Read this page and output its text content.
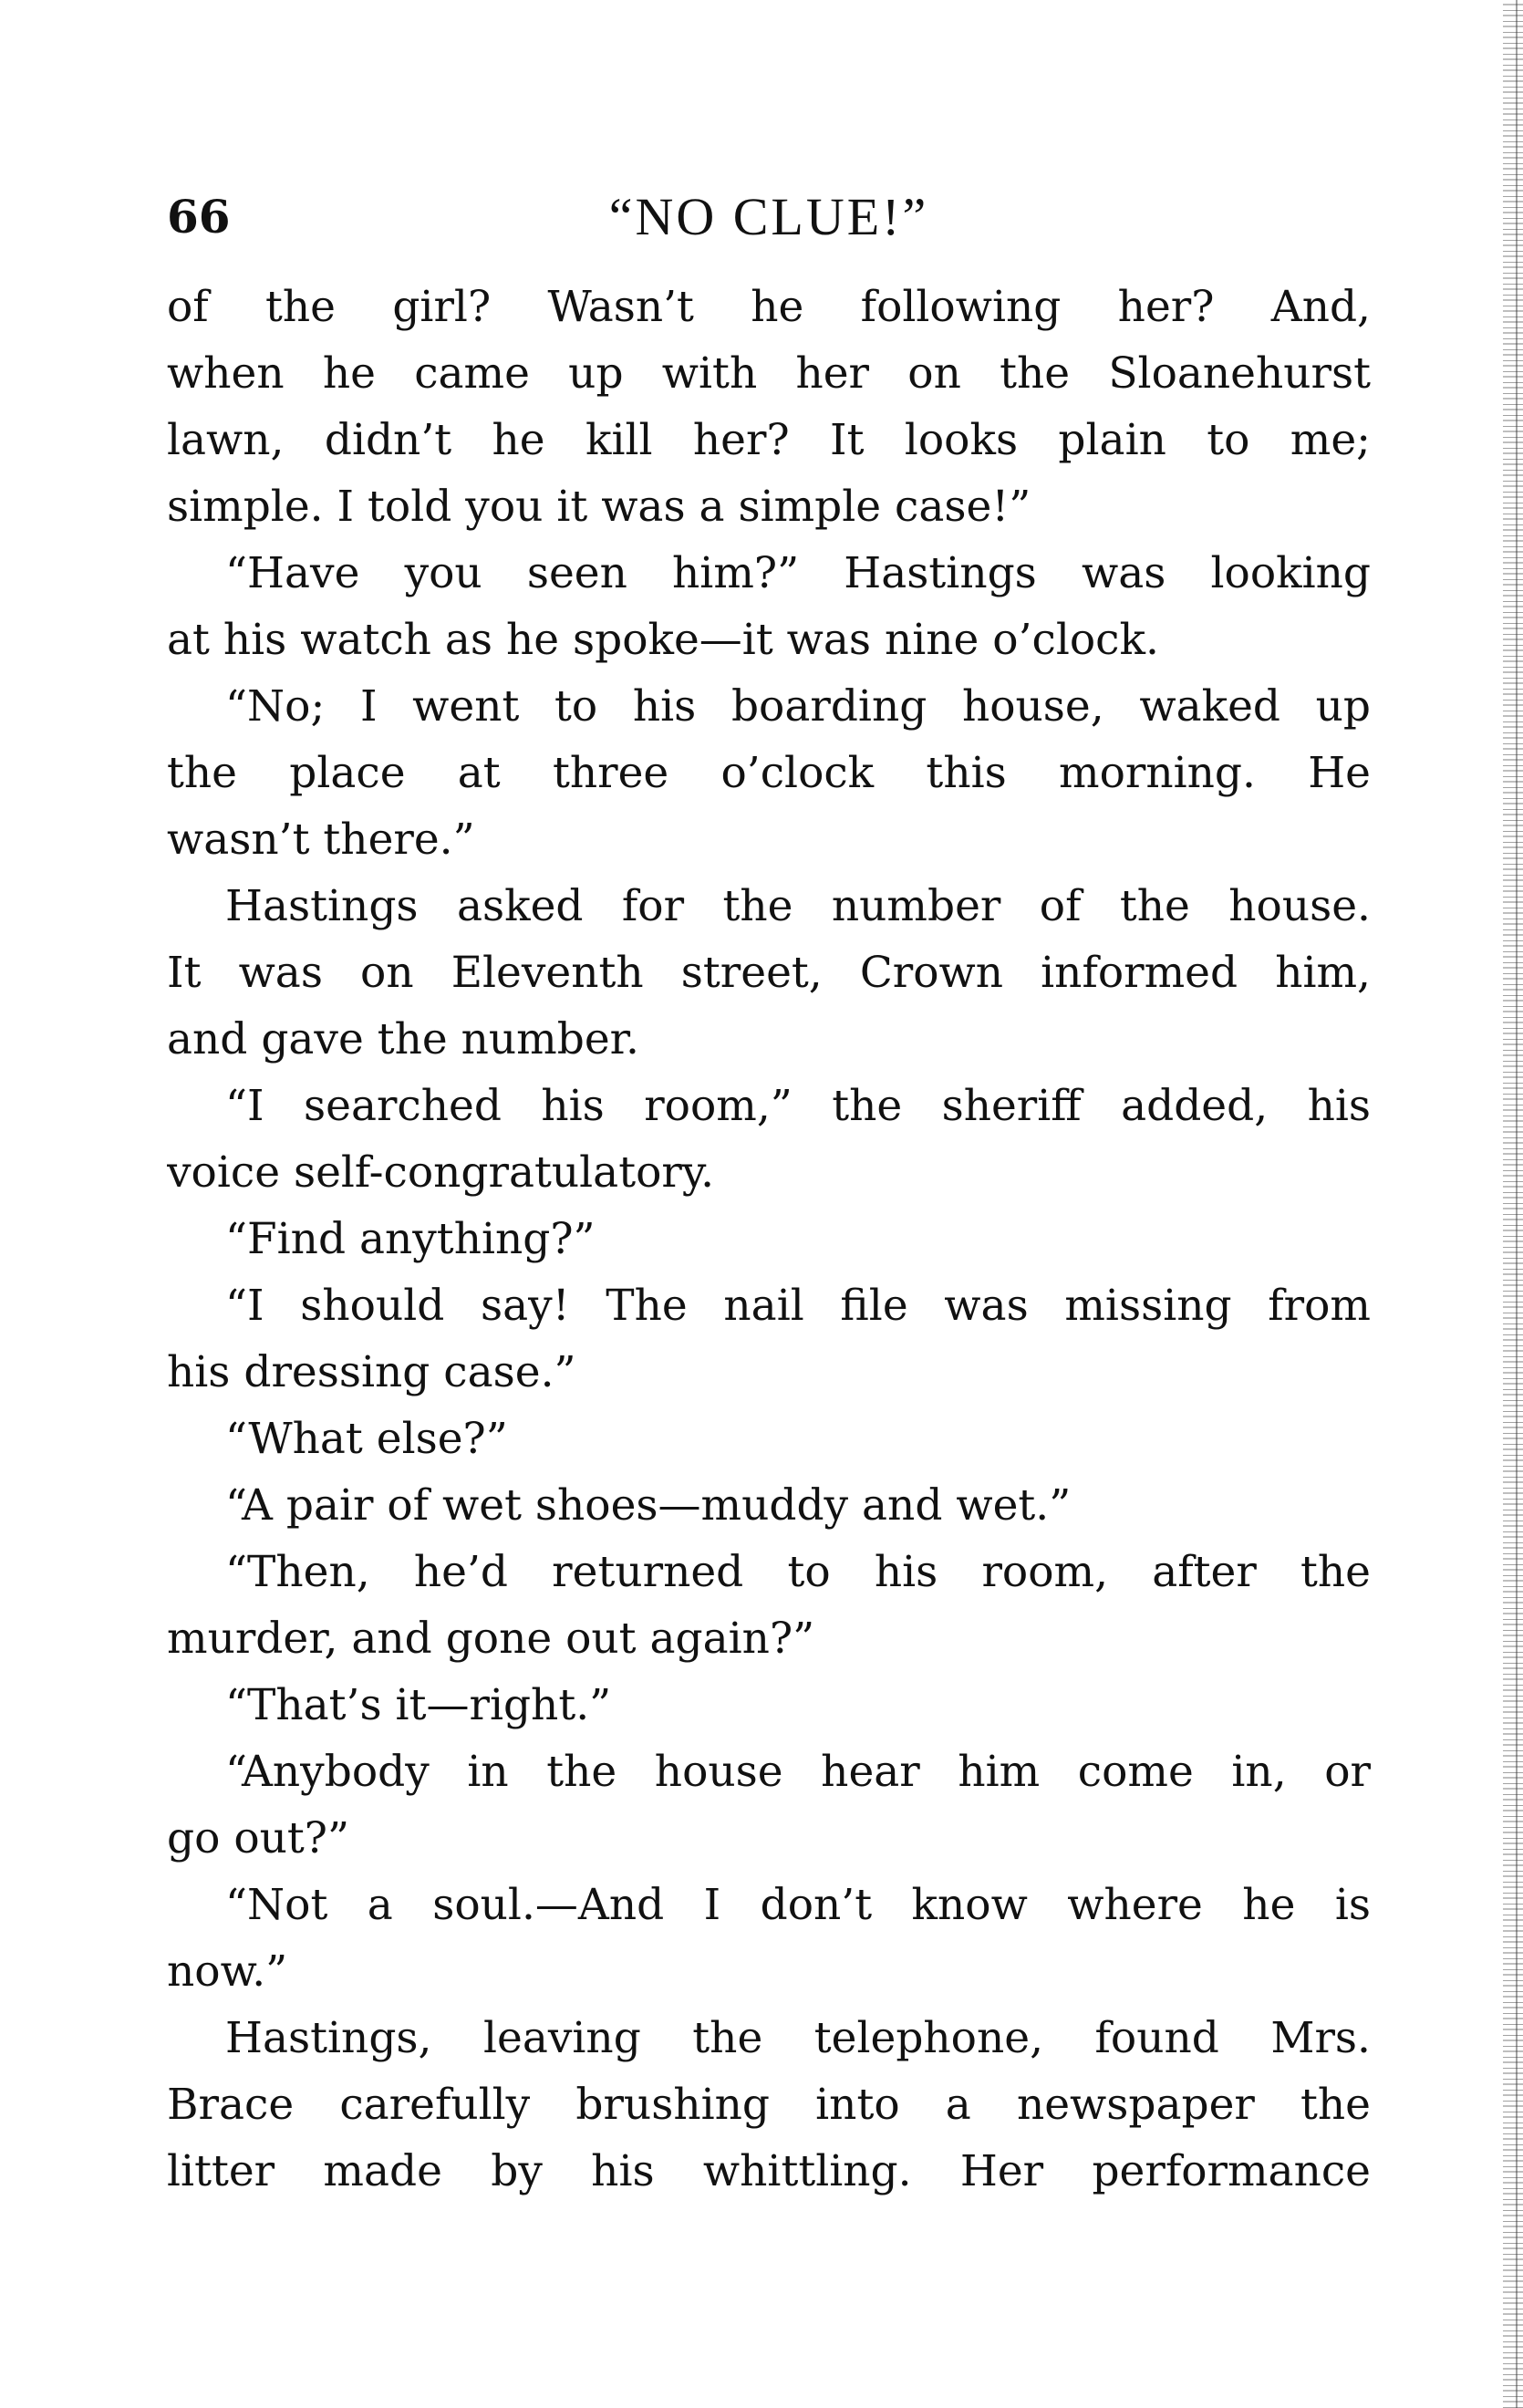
66	“NO CLUE!”
of the girl? Wasn’t he following her? And,
when he came up with her on the Sloanehurst
lawn, didn’t he kill her? It looks plain to me;
simple. I told you it was a simple case!”
“Have you seen him?” Hastings was looking
at his watch as he spoke—it was nine o’clock.
“No; I went to his boarding house, waked up
the place at three o’clock this morning. He
wasn’t there.”
Hastings asked for the number of the house.
It was on Eleventh street, Crown informed him,
and gave the number.
“I searched his room,” the sheriff added, his
voice self-congratulatory.
“Find anything?”
“I should say! The nail file was missing from
his dressing case.”
“What else?”
“A pair of wet shoes—muddy and wet.”
“Then, he’d returned to his room, after the
murder, and gone out again?”
“That’s it—right.”
“Anybody in the house hear him come in, or
go out?”
“Not a soul.—And I don’t know where he is
now.”
Hastings, leaving the telephone, found Mrs.
Brace carefully brushing into a newspaper the
litter made by his whittling. Her performance
